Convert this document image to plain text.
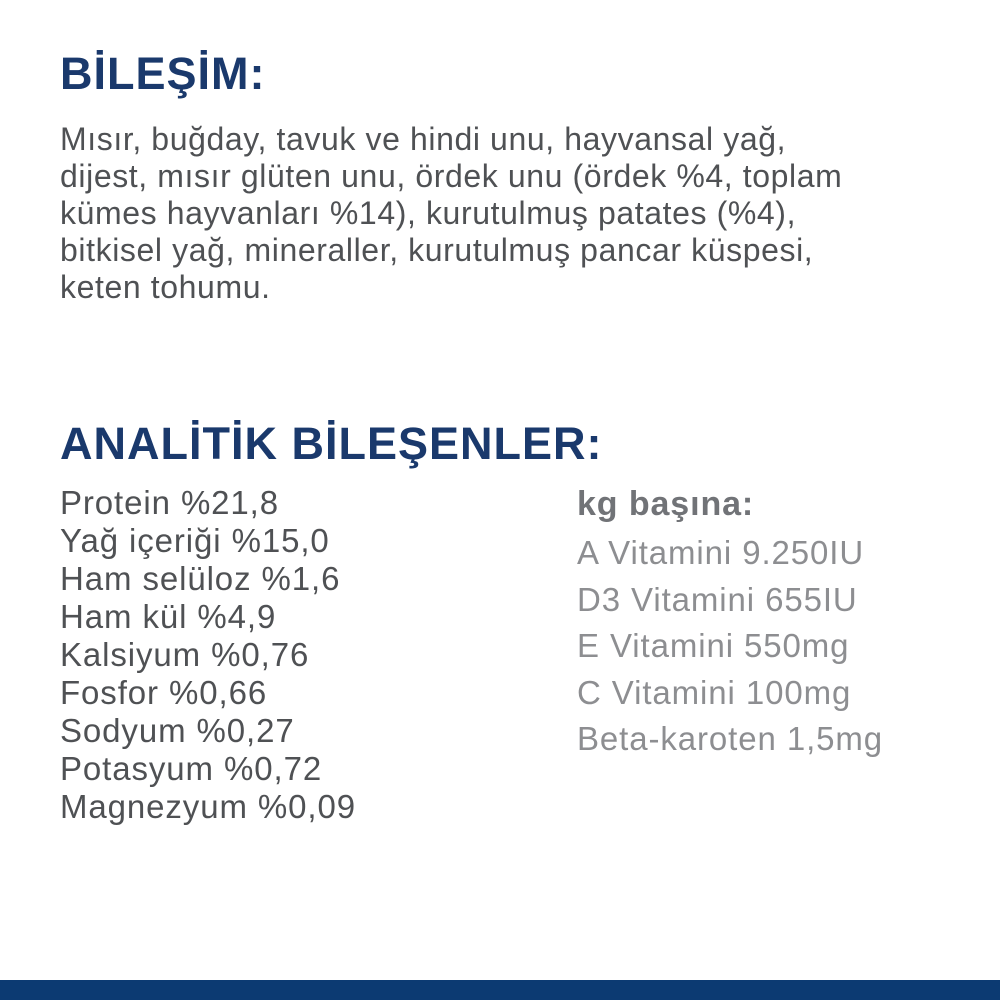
BİLEŞİM:
Mısır, buğday, tavuk ve hindi unu, hayvansal yağ,
dijest, mısır glüten unu, ördek unu (ördek %4, toplam
kümes hayvanları %14), kurutulmuş patates (%4),
bitkisel yağ, mineraller, kurutulmuş pancar küspesi,
keten tohumu.
ANALİTİK BİLEŞENLER:
Protein %21,8
Yağ içeriği %15,0
Ham selüloz %1,6
Ham kül %4,9
Kalsiyum %0,76
Fosfor %0,66
Sodyum %0,27
Potasyum %0,72
Magnezyum %0,09

kg başına:

A Vitamini 9.250IU
D3 Vitamini 655IU
E Vitamini 550mg
C Vitamini 100mg
Beta-karoten 1,5mg
